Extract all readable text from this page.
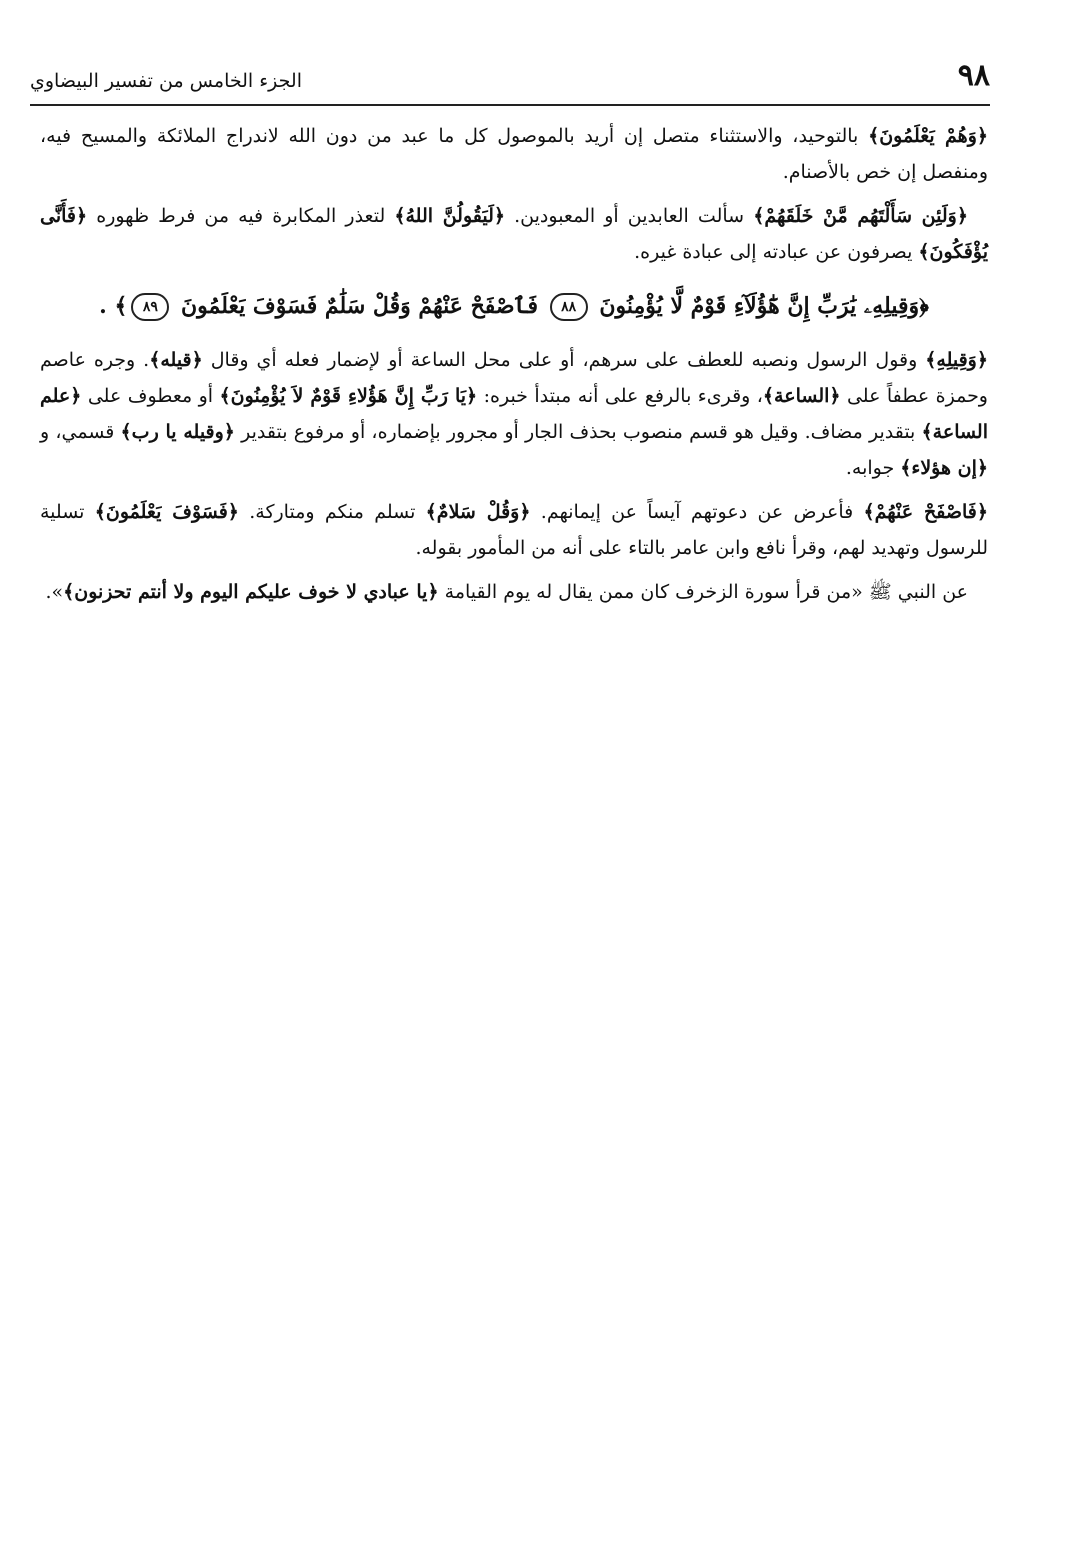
٩٨
الجزء الخامس من تفسير البيضاوي

﴿وَهُمْ يَعْلَمُونَ﴾ بالتوحيد، والاستثناء متصل إن أريد بالموصول كل ما عبد من دون الله لاندراج الملائكة والمسيح فيه، ومنفصل إن خص بالأصنام.

﴿وَلَئِن سَأَلْتَهُم مَّنْ خَلَقَهُمْ﴾ سألت العابدين أو المعبودين. ﴿لَيَقُولُنَّ اللهُ﴾ لتعذر المكابرة فيه من فرط ظهوره ﴿فَأَنَّى يُؤْفَكُونَ﴾ يصرفون عن عبادته إلى عبادة غيره.

﴿وَقِيلِهِۦ يَٰرَبِّ إِنَّ هَٰٓؤُلَآءِ قَوْمٌ لَّا يُؤْمِنُونَ ٨٨ فَٱصْفَحْ عَنْهُمْ وَقُلْ سَلَٰمٌ فَسَوْفَ يَعْلَمُونَ ٨٩﴾ .

﴿وَقِيلِهِ﴾ وقول الرسول ونصبه للعطف على سرهم، أو على محل الساعة أو لإضمار فعله أي وقال ﴿قيله﴾. وجره عاصم وحمزة عطفاً على ﴿الساعة﴾، وقرىء بالرفع على أنه مبتدأ خبره: ﴿يَا رَبِّ إِنَّ هَؤُلاءِ قَوْمٌ لاَ يُؤْمِنُونَ﴾ أو معطوف على ﴿علم الساعة﴾ بتقدير مضاف. وقيل هو قسم منصوب بحذف الجار أو مجرور بإضماره، أو مرفوع بتقدير ﴿وقيله يا رب﴾ قسمي، و ﴿إن هؤلاء﴾ جوابه.

﴿فَاصْفَحْ عَنْهُمْ﴾ فأعرض عن دعوتهم آيساً عن إيمانهم. ﴿وَقُلْ سَلامٌ﴾ تسلم منكم ومتاركة. ﴿فَسَوْفَ يَعْلَمُونَ﴾ تسلية للرسول وتهديد لهم، وقرأ نافع وابن عامر بالتاء على أنه من المأمور بقوله.

عن النبي ﷺ «من قرأ سورة الزخرف كان ممن يقال له يوم القيامة ﴿يا عبادي لا خوف عليكم اليوم ولا أنتم تحزنون﴾».
